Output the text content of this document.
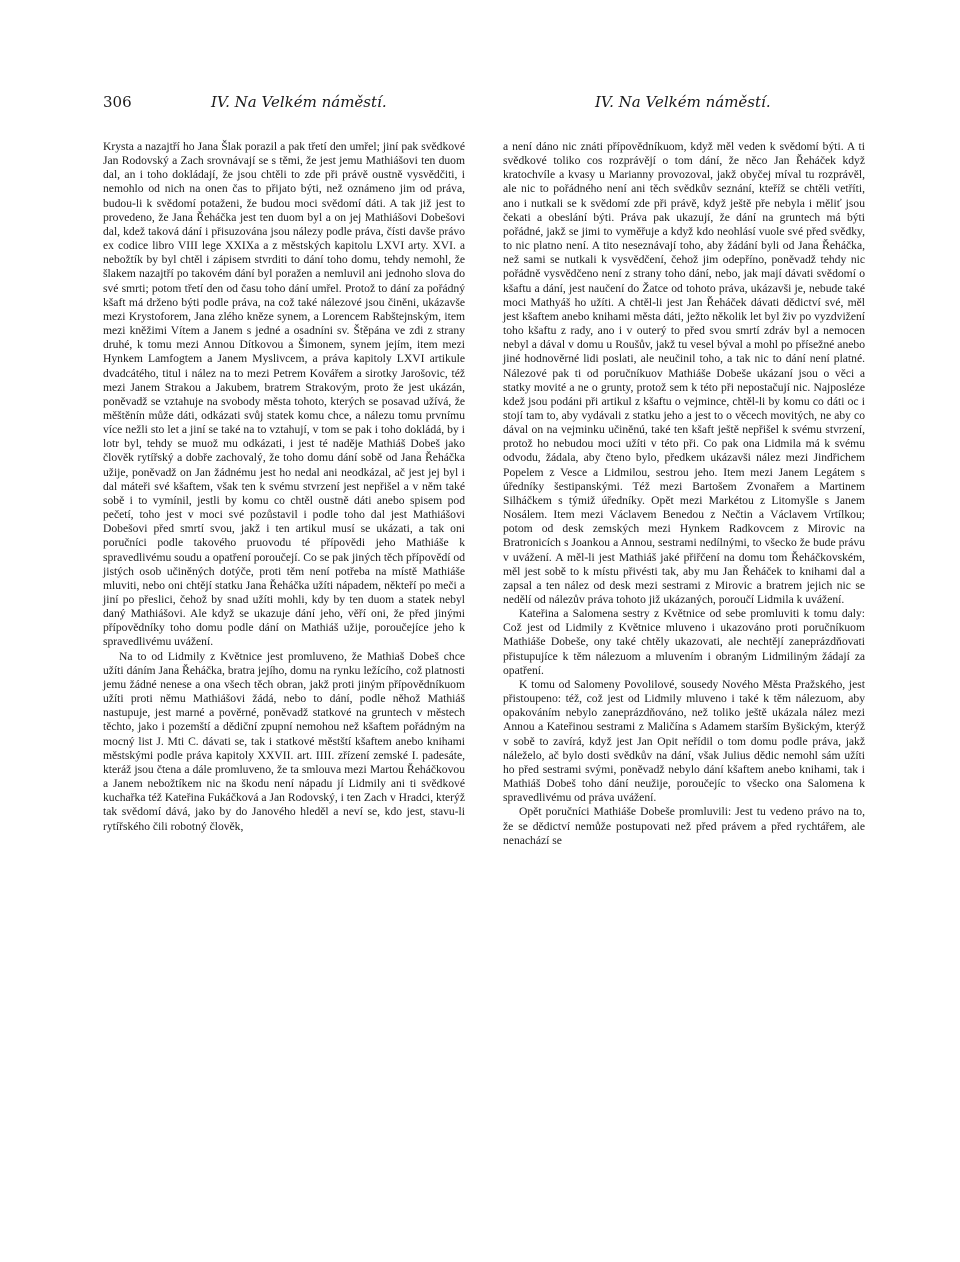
306	IV. Na Velkém náměstí.	IV. Na Velkém náměstí.

Krysta a nazajtří ho Jana Šlak porazil a pak třetí den umřel; jiní pak svědkové Jan Rodovský a Zach srovnávají se s těmi, že jest jemu Mathiášovi ten duom dal, an i toho dokládají, že jsou chtěli to zde při právě oustně vysvědčiti, i nemohlo od nich na onen čas to přijato býti, než oznámeno jim od práva, budou-li k svědomí potaženi, že budou moci svědomí dáti. A tak již jest to provedeno, že Jana Řeháčka jest ten duom byl a on jej Mathiášovi Dobešovi dal, kdež taková dání i přisuzována jsou nálezy podle práva, čísti davše právo ex codice libro VIII lege XXIXa a z městských kapitolu LXVI arty. XVI. a nebožtík by byl chtěl i zápisem stvrditi to dání toho domu, tehdy nemohl, že šlakem nazajtří po takovém dání byl poražen a nemluvil ani jednoho slova do své smrti; potom třetí den od času toho dání umřel. Protož to dání za pořádný kšaft má drženo býti podle práva, na což také nálezové jsou činěni, ukázavše mezi Krystoforem, Jana zlého kněze synem, a Lorencem Rabštejnským, item mezi kněžimi Vítem a Janem s jedné a osadníni sv. Štěpána ve zdi z strany druhé, k tomu mezi Annou Dítkovou a Šimonem, synem jejím, item mezi Hynkem Lamfogtem a Janem Myslivcem, a práva kapitoly LXVI artikule dvadcátého, titul i nález na to mezi Petrem Kovářem a sirotky Jarošovic, též mezi Janem Strakou a Jakubem, bratrem Strakovým, proto že jest ukázán, poněvadž se vztahuje na svobody města tohoto, kterých se posavad užívá, že měštěnín může dáti, odkázati svůj statek komu chce, a nálezu tomu prvnímu více nežli sto let a jiní se také na to vztahují, v tom se pak i toho dokládá, by i lotr byl, tehdy se muož mu odkázati, i jest té naděje Mathiáš Dobeš jako člověk rytířský a dobře zachovalý, že toho domu dání sobě od Jana Řeháčka užije, poněvadž on Jan žádnému jest ho nedal ani neodkázal, ač jest jej byl i dal máteři své kšaftem, však ten k svému stvrzení jest nepřišel a v něm také sobě i to vymínil, jestli by komu co chtěl oustně dáti anebo spisem pod pečetí, toho jest v moci své pozůstavil i podle toho dal jest Mathiášovi Dobešovi před smrtí svou, jakž i ten artikul musí se ukázati, a tak oni poručníci podle takového pruovodu té přípovědi jeho Mathiáše k spravedlivému soudu a opatření poroučejí. Co se pak jiných těch přípovědí od jistých osob učiněných dotýče, proti těm není potřeba na místě Mathiáše mluviti, nebo oni chtějí statku Jana Řeháčka užíti nápadem, někteří po meči a jiní po přeslici, čehož by snad užíti mohli, kdy by ten duom a statek nebyl daný Mathiášovi. Ale když se ukazuje dání jeho, věří oni, že před jinými přípovědníky toho domu podle dání on Mathiáš užije, poroučejíce jeho k spravedlivému uvážení.

Na to od Lidmily z Květnice jest promluveno, že Mathiaš Dobeš chce užíti dáním Jana Řeháčka, bratra jejího, domu na rynku ležícího, což platnosti jemu žádné nenese a ona všech těch obran, jakž proti jiným přípovědníkuom užíti proti němu Mathiášovi žádá, nebo to dání, podle něhož Mathiáš nastupuje, jest marné a pověrné, poněvadž statkové na gruntech v městech těchto, jako i pozemští a dědiční zpupní nemohou než kšaftem pořádným na mocný list J. Mti C. dávati se, tak i statkové městští kšaftem anebo knihami městskými podle práva kapitoly XXVII. art. IIII. zřízení zemské I. padesáte, kteráž jsou čtena a dále promluveno, že ta smlouva mezi Martou Řeháčkovou a Janem nebožtíkem nic na škodu není nápadu jí Lidmily ani ti svědkové kuchařka též Kateřina Fukáčková a Jan Rodovský, i ten Zach v Hradci, kterýž tak svědomí dává, jako by do Janového hleděl a neví se, kdo jest, stavu-li rytířského čili robotný člověk,

a není dáno nic znáti přípovědníkuom, když měl veden k svědomí býti. A ti svědkové toliko cos rozprávějí o tom dání, že něco Jan Řeháček když kratochvíle a kvasy u Marianny provozoval, jakž obyčej míval tu rozprávěl, ale nic to pořádného není ani těch svědkův seznání, kteříž se chtěli vetříti, ano i nutkali se k svědomí zde při právě, když ještě pře nebyla i měliť jsou čekati a obeslání býti. Práva pak ukazují, že dání na gruntech má býti pořádné, jakž se jimi to vyměřuje a když kdo neohlásí vuole své před svědky, to nic platno není. A tito neseznávají toho, aby žádání byli od Jana Řeháčka, než sami se nutkali k vysvědčení, čehož jim odepříno, poněvadž tehdy nic pořádně vysvědčeno není z strany toho dání, nebo, jak mají dávati svědomí o kšaftu a dání, jest naučení do Žatce od tohoto práva, ukázavši je, nebude také moci Mathyáš ho užíti. A chtěl-li jest Jan Řeháček dávati dědictví své, měl jest kšaftem anebo knihami města dáti, ježto několik let byl živ po vyzdvižení toho kšaftu z rady, ano i v outerý to před svou smrtí zdráv byl a nemocen nebyl a dával v domu u Roušův, jakž tu vesel býval a mohl po přísežné anebo jiné hodnověrné lidi poslati, ale neučinil toho, a tak nic to dání není platné. Nálezové pak ti od poručníkuov Mathiáše Dobeše ukázaní jsou o věci a statky movité a ne o grunty, protož sem k této při nepostačují nic. Najposléze kdež jsou podáni při artikul z kšaftu o vejmince, chtěl-li by komu co dáti oc i stojí tam to, aby vydávali z statku jeho a jest to o věcech movitých, ne aby co dával on na vejminku učiněnú, také ten kšaft ještě nepřišel k svému stvrzení, protož ho nebudou moci užíti v této při. Co pak ona Lidmila má k svému odvodu, žádala, aby čteno bylo, předkem ukázavši nález mezi Jindřichem Popelem z Vesce a Lidmilou, sestrou jeho. Item mezi Janem Legátem s úředníky šestipanskými. Též mezi Bartošem Zvonařem a Martinem Silháčkem s týmiž úředníky. Opět mezi Markétou z Litomyšle s Janem Nosálem. Item mezi Václavem Benedou z Nečtin a Václavem Vrtílkou; potom od desk zemských mezi Hynkem Radkovcem z Mirovic na Bratronicích s Joankou a Annou, sestrami nedílnými, to všecko že bude právu v uvážení. A měl-li jest Mathiáš jaké přiřčení na domu tom Řeháčkovském, měl jest sobě to k místu přivésti tak, aby mu Jan Řeháček to knihami dal a zapsal a ten nález od desk mezi sestrami z Mirovic a bratrem jejich nic se nedělí od nálezův práva tohoto již ukázaných, poroučí Lidmila k uvážení.

Kateřina a Salomena sestry z Květnice od sebe promluviti k tomu daly: Což jest od Lidmily z Květnice mluveno i ukazováno proti poručníkuom Mathiáše Dobeše, ony také chtěly ukazovati, ale nechtějí zaneprázdňovati přistupujíce k těm nálezuom a mluvením i obraným Lidmiliným žádají za opatření.

K tomu od Salomeny Povolilové, sousedy Nového Města Pražského, jest přistoupeno: též, což jest od Lidmily mluveno i také k těm nálezuom, aby opakováním nebylo zaneprázdňováno, než toliko ještě ukázala nález mezi Annou a Kateřinou sestrami z Maličína s Adamem starším Byšickým, kterýž v sobě to zavírá, když jest Jan Opit neřídil o tom domu podle práva, jakž náleželo, ač bylo dosti svědkův na dání, však Julius dědic nemohl sám užíti ho před sestrami svými, poněvadž nebylo dání kšaftem anebo knihami, tak i Mathiáš Dobeš toho dání neužije, poroučejíc to všecko ona Salomena k spravedlivému od práva uvážení.

Opět poručníci Mathiáše Dobeše promluvili: Jest tu vedeno právo na to, že se dědictví nemůže postupovati než před právem a před rychtářem, ale nenachází se
